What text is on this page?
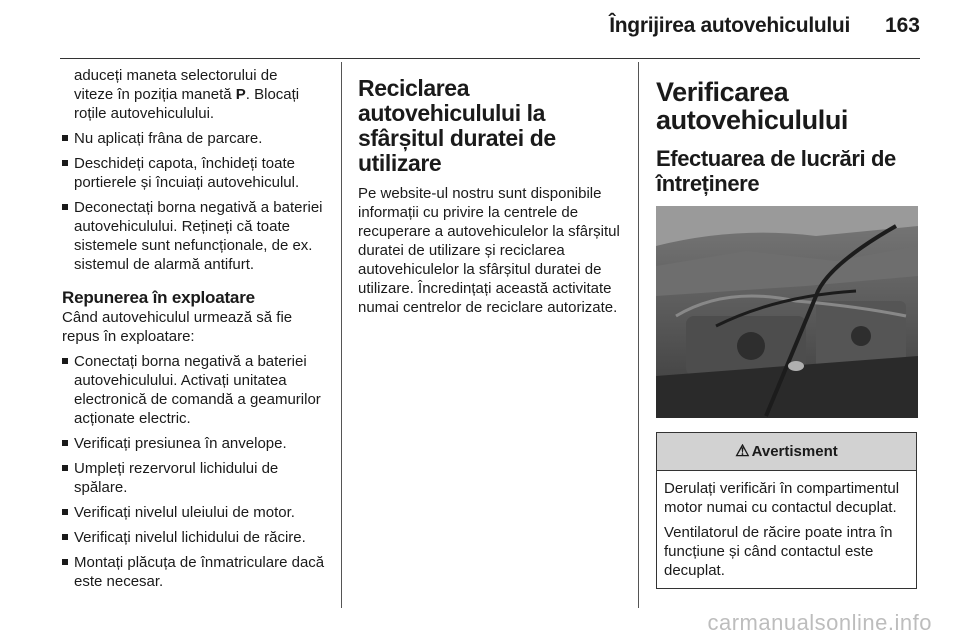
Îngrijirea autovehiculului 163

aduceți maneta selectorului de
viteze în poziția manetă P. Blocați
roțile autovehiculului.

Nu aplicați frâna de parcare.
Deschideți capota, închideți toate portierele și încuiați autovehiculul.
Deconectați borna negativă a bateriei autovehiculului. Rețineți că toate sistemele sunt nefuncționale, de ex. sistemul de alarmă antifurt.
Repunerea în exploatare

Când autovehiculul urmează să fie repus în exploatare:

Conectați borna negativă a bateriei autovehiculului. Activați unitatea electronică de comandă a geamurilor acționate electric.
Verificați presiunea în anvelope.
Umpleți rezervorul lichidului de spălare.
Verificați nivelul uleiului de motor.
Verificați nivelul lichidului de răcire.
Montați plăcuța de înmatriculare dacă este necesar.
Reciclarea autovehiculului la sfârșitul duratei de utilizare

Pe website-ul nostru sunt disponibile informații cu privire la centrele de recuperare a autovehiculelor la sfârșitul duratei de utilizare și reciclarea autovehiculelor la sfârșitul duratei de utilizare. Încredințați această activitate numai centrelor de reciclare autorizate.

Verificarea autovehiculului
Efectuarea de lucrări de întreținere
⚠ Avertisment

Derulați verificări în compartimentul motor numai cu contactul decuplat.

Ventilatorul de răcire poate intra în funcțiune și când contactul este decuplat.

carmanualsonline.info
